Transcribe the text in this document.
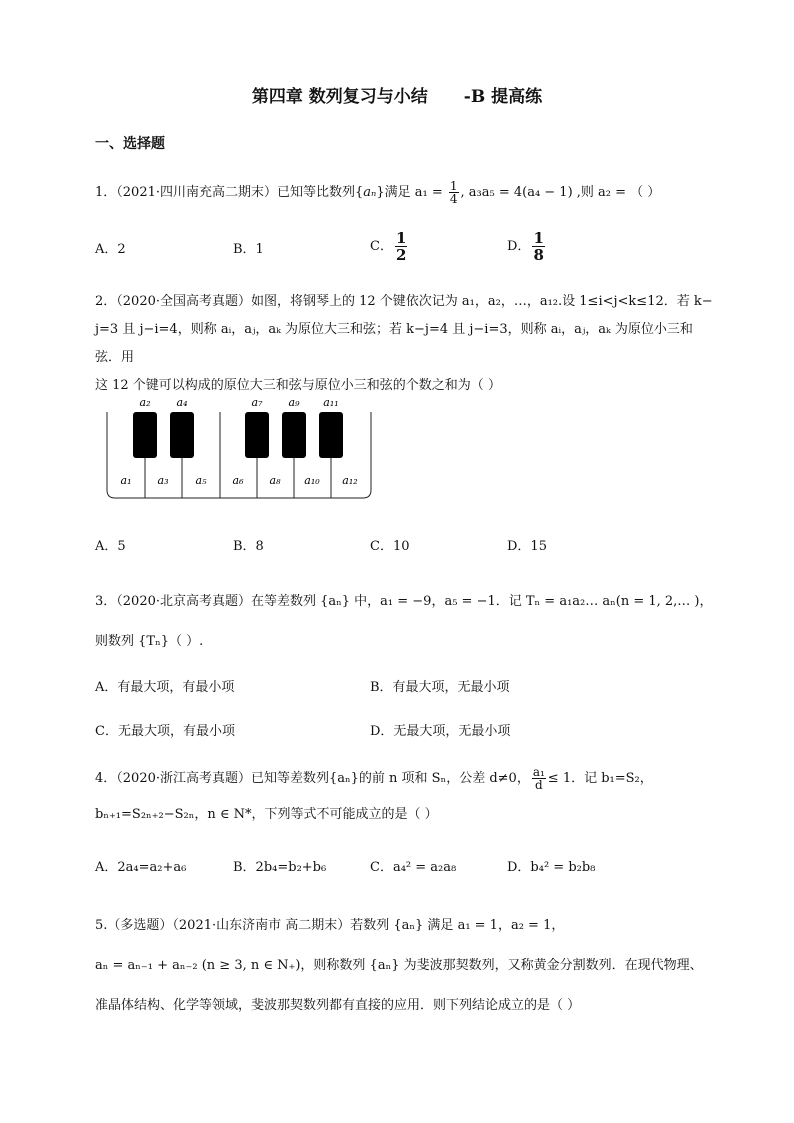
第四章 数列复习与小结 -B 提高练
一、选择题
1．（2021·四川南充高二期末）已知等比数列{aₙ}满足 $a_1 = \frac{1}{4}$ , a₃a₅ = 4(a₄ − 1) ,则 a₂ = （ ）
A．2	B．1	C． $\frac{1}{2}$	D． $\frac{1}{8}$
2．（2020·全国高考真题）如图，将钢琴上的 12 个键依次记为 a₁，a₂，…，a₁₂.设 1≤i<j<k≤12．若 k−
j=3 且 j−i=4，则称 aᵢ，aⱼ，aₖ 为原位大三和弦；若 k−j=4 且 j−i=3，则称 aᵢ，aⱼ，aₖ 为原位小三和弦．用
这 12 个键可以构成的原位大三和弦与原位小三和弦的个数之和为（ ）
a₂ a₄	a₇ a₉ a₁₁
a₁ a₃ a₅ a₆ a₈ a₁₀ a₁₂
A．5	B．8	C．10	D．15
3．（2020·北京高考真题）在等差数列 {aₙ} 中，a₁ = −9，a₅ = −1．记 Tₙ = a₁a₂… aₙ(n = 1, 2,… )，
则数列 {Tₙ}（ ）.
A．有最大项，有最小项	B．有最大项，无最小项
C．无最大项，有最小项	D．无最大项，无最小项
4．（2020·浙江高考真题）已知等差数列{aₙ}的前 n 项和 Sₙ，公差 d≠0， $\frac{\text{a₁}}{d} \le 1$．记 b₁=S₂，
bₙ₊₁=S₂ₙ₊₂−S₂ₙ，n ∈ N*，下列等式不可能成立的是（ ）
A．2a₄=a₂+a₆	B．2b₄=b₂+b₆	C．a₄² = a₂a₈	D．b₄² = b₂b₈
5.（多选题）（2021·山东济南市 高二期末）若数列 {aₙ} 满足 a₁ = 1，a₂ = 1，
aₙ = aₙ₋₁ + aₙ₋₂ (n ≥ 3, n ∈ N₊)，则称数列 {aₙ} 为斐波那契数列，又称黄金分割数列．在现代物理、
准晶体结构、化学等领域，斐波那契数列都有直接的应用．则下列结论成立的是（ ）
